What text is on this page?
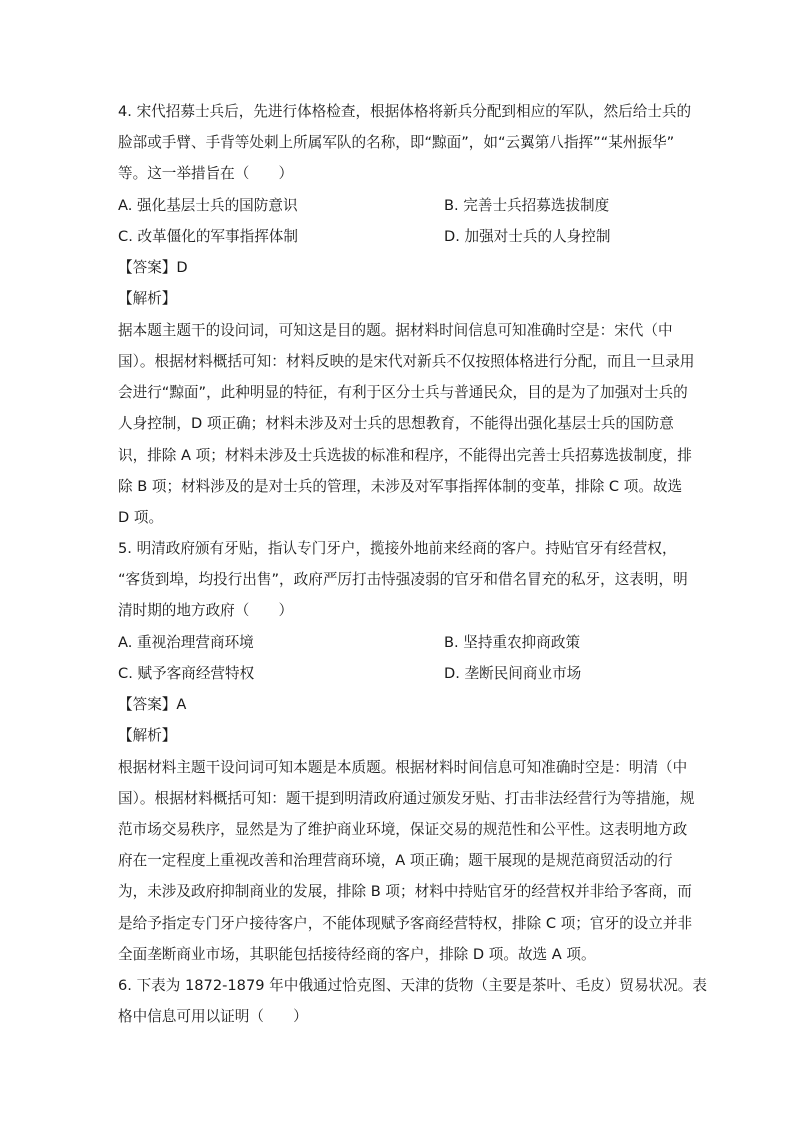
4. 宋代招募士兵后，先进行体格检查，根据体格将新兵分配到相应的军队，然后给士兵的
脸部或手臂、手背等处刺上所属军队的名称，即“黥面”，如“云翼第八指挥”“某州振华”
等。这一举措旨在（　　）
A. 强化基层士兵的国防意识	B. 完善士兵招募选拔制度
C. 改革僵化的军事指挥体制	D. 加强对士兵的人身控制
【答案】D
【解析】
据本题主题干的设问词，可知这是目的题。据材料时间信息可知准确时空是：宋代（中
国）。根据材料概括可知：材料反映的是宋代对新兵不仅按照体格进行分配，而且一旦录用
会进行“黥面”，此种明显的特征，有利于区分士兵与普通民众，目的是为了加强对士兵的
人身控制，D 项正确；材料未涉及对士兵的思想教育，不能得出强化基层士兵的国防意
识，排除 A 项；材料未涉及士兵选拔的标准和程序，不能得出完善士兵招募选拔制度，排
除 B 项；材料涉及的是对士兵的管理，未涉及对军事指挥体制的变革，排除 C 项。故选
D 项。
5. 明清政府颁有牙贴，指认专门牙户，揽接外地前来经商的客户。持贴官牙有经营权，
“客货到埠，均投行出售”，政府严厉打击恃强凌弱的官牙和借名冒充的私牙，这表明，明
清时期的地方政府（　　）
A. 重视治理营商环境	B. 坚持重农抑商政策
C. 赋予客商经营特权	D. 垄断民间商业市场
【答案】A
【解析】
根据材料主题干设问词可知本题是本质题。根据材料时间信息可知准确时空是：明清（中
国）。根据材料概括可知：题干提到明清政府通过颁发牙贴、打击非法经营行为等措施，规
范市场交易秩序，显然是为了维护商业环境，保证交易的规范性和公平性。这表明地方政
府在一定程度上重视改善和治理营商环境，A 项正确；题干展现的是规范商贸活动的行
为，未涉及政府抑制商业的发展，排除 B 项；材料中持贴官牙的经营权并非给予客商，而
是给予指定专门牙户接待客户，不能体现赋予客商经营特权，排除 C 项；官牙的设立并非
全面垄断商业市场，其职能包括接待经商的客户，排除 D 项。故选 A 项。
6. 下表为 1872-1879 年中俄通过恰克图、天津的货物（主要是茶叶、毛皮）贸易状况。表
格中信息可用以证明（　　）
